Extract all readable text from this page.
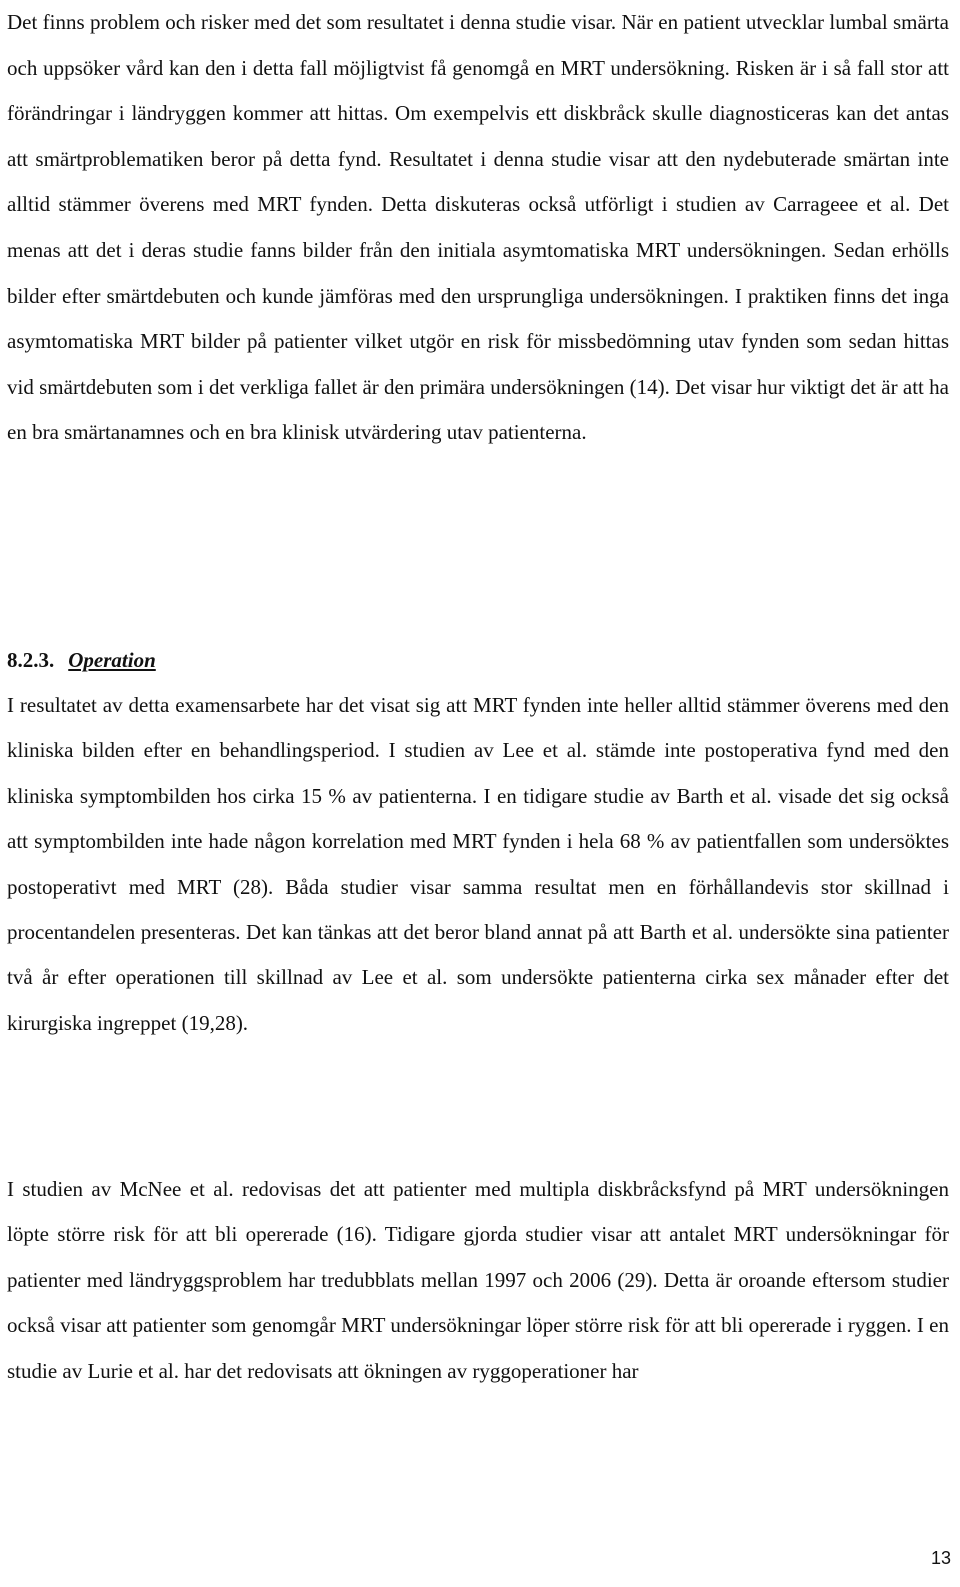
Det finns problem och risker med det som resultatet i denna studie visar. När en patient utvecklar lumbal smärta och uppsöker vård kan den i detta fall möjligtvist få genomgå en MRT undersökning. Risken är i så fall stor att förändringar i ländryggen kommer att hittas. Om exempelvis ett diskbråck skulle diagnosticeras kan det antas att smärtproblematiken beror på detta fynd. Resultatet i denna studie visar att den nydebuterade smärtan inte alltid stämmer överens med MRT fynden. Detta diskuteras också utförligt i studien av Carrageee et al. Det menas att det i deras studie fanns bilder från den initiala asymtomatiska MRT undersökningen. Sedan erhölls bilder efter smärtdebuten och kunde jämföras med den ursprungliga undersökningen. I praktiken finns det inga asymtomatiska MRT bilder på patienter vilket utgör en risk för missbedömning utav fynden som sedan hittas vid smärtdebuten som i det verkliga fallet är den primära undersökningen (14). Det visar hur viktigt det är att ha en bra smärtanamnes och en bra klinisk utvärdering utav patienterna.

8.2.3. Operation

I resultatet av detta examensarbete har det visat sig att MRT fynden inte heller alltid stämmer överens med den kliniska bilden efter en behandlingsperiod. I studien av Lee et al. stämde inte postoperativa fynd med den kliniska symptombilden hos cirka 15 % av patienterna. I en tidigare studie av Barth et al. visade det sig också att symptombilden inte hade någon korrelation med MRT fynden i hela 68 % av patientfallen som undersöktes postoperativt med MRT (28). Båda studier visar samma resultat men en förhållandevis stor skillnad i procentandelen presenteras. Det kan tänkas att det beror bland annat på att Barth et al. undersökte sina patienter två år efter operationen till skillnad av Lee et al. som undersökte patienterna cirka sex månader efter det kirurgiska ingreppet (19,28).

I studien av McNee et al. redovisas det att patienter med multipla diskbråcksfynd på MRT undersökningen löpte större risk för att bli opererade (16). Tidigare gjorda studier visar att antalet MRT undersökningar för patienter med ländryggsproblem har tredubblats mellan 1997 och 2006 (29). Detta är oroande eftersom studier också visar att patienter som genomgår MRT undersökningar löper större risk för att bli opererade i ryggen. I en studie av Lurie et al. har det redovisats att ökningen av ryggoperationer har

13
